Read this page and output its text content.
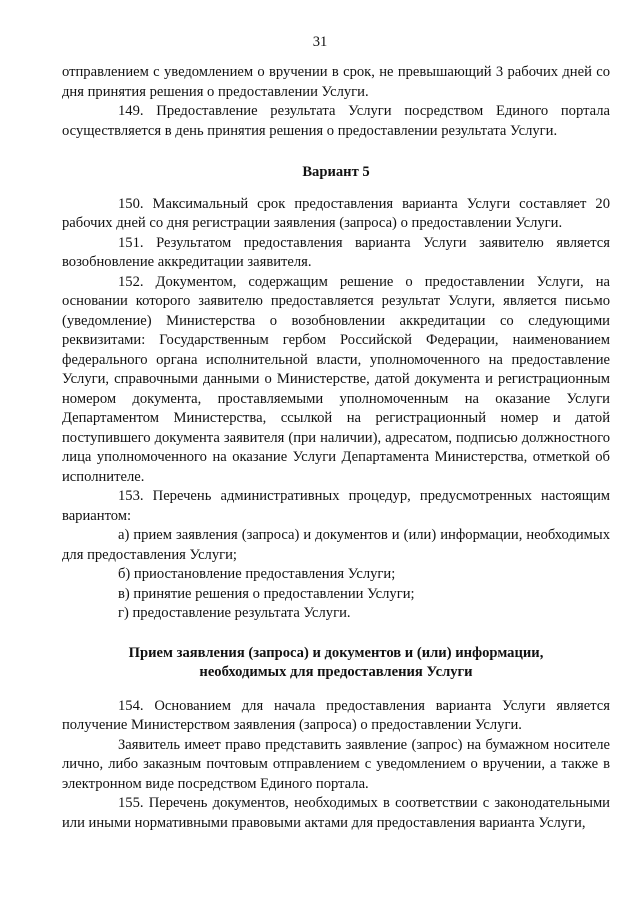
31

отправлением с уведомлением о вручении в срок, не превышающий 3 рабочих дней со дня принятия решения о предоставлении Услуги.

149. Предоставление результата Услуги посредством Единого портала осуществляется в день принятия решения о предоставлении результата Услуги.

Вариант 5

150. Максимальный срок предоставления варианта Услуги составляет 20 рабочих дней со дня регистрации заявления (запроса) о предоставлении Услуги.

151. Результатом предоставления варианта Услуги заявителю является возобновление аккредитации заявителя.

152. Документом, содержащим решение о предоставлении Услуги, на основании которого заявителю предоставляется результат Услуги, является письмо (уведомление) Министерства о возобновлении аккредитации со следующими реквизитами: Государственным гербом Российской Федерации, наименованием федерального органа исполнительной власти, уполномоченного на предоставление Услуги, справочными данными о Министерстве, датой документа и регистрационным номером документа, проставляемыми уполномоченным на оказание Услуги Департаментом Министерства, ссылкой на регистрационный номер и датой поступившего документа заявителя (при наличии), адресатом, подписью должностного лица уполномоченного на оказание Услуги Департамента Министерства, отметкой об исполнителе.

153. Перечень административных процедур, предусмотренных настоящим вариантом:

а) прием заявления (запроса) и документов и (или) информации, необходимых для предоставления Услуги;

б) приостановление предоставления Услуги;

в) принятие решения о предоставлении Услуги;

г) предоставление результата Услуги.

Прием заявления (запроса) и документов и (или) информации,

необходимых для предоставления Услуги

154. Основанием для начала предоставления варианта Услуги является получение Министерством заявления (запроса) о предоставлении Услуги.

Заявитель имеет право представить заявление (запрос) на бумажном носителе лично, либо заказным почтовым отправлением с уведомлением о вручении, а также в электронном виде посредством Единого портала.

155. Перечень документов, необходимых в соответствии с законодательными или иными нормативными правовыми актами для предоставления варианта Услуги,
